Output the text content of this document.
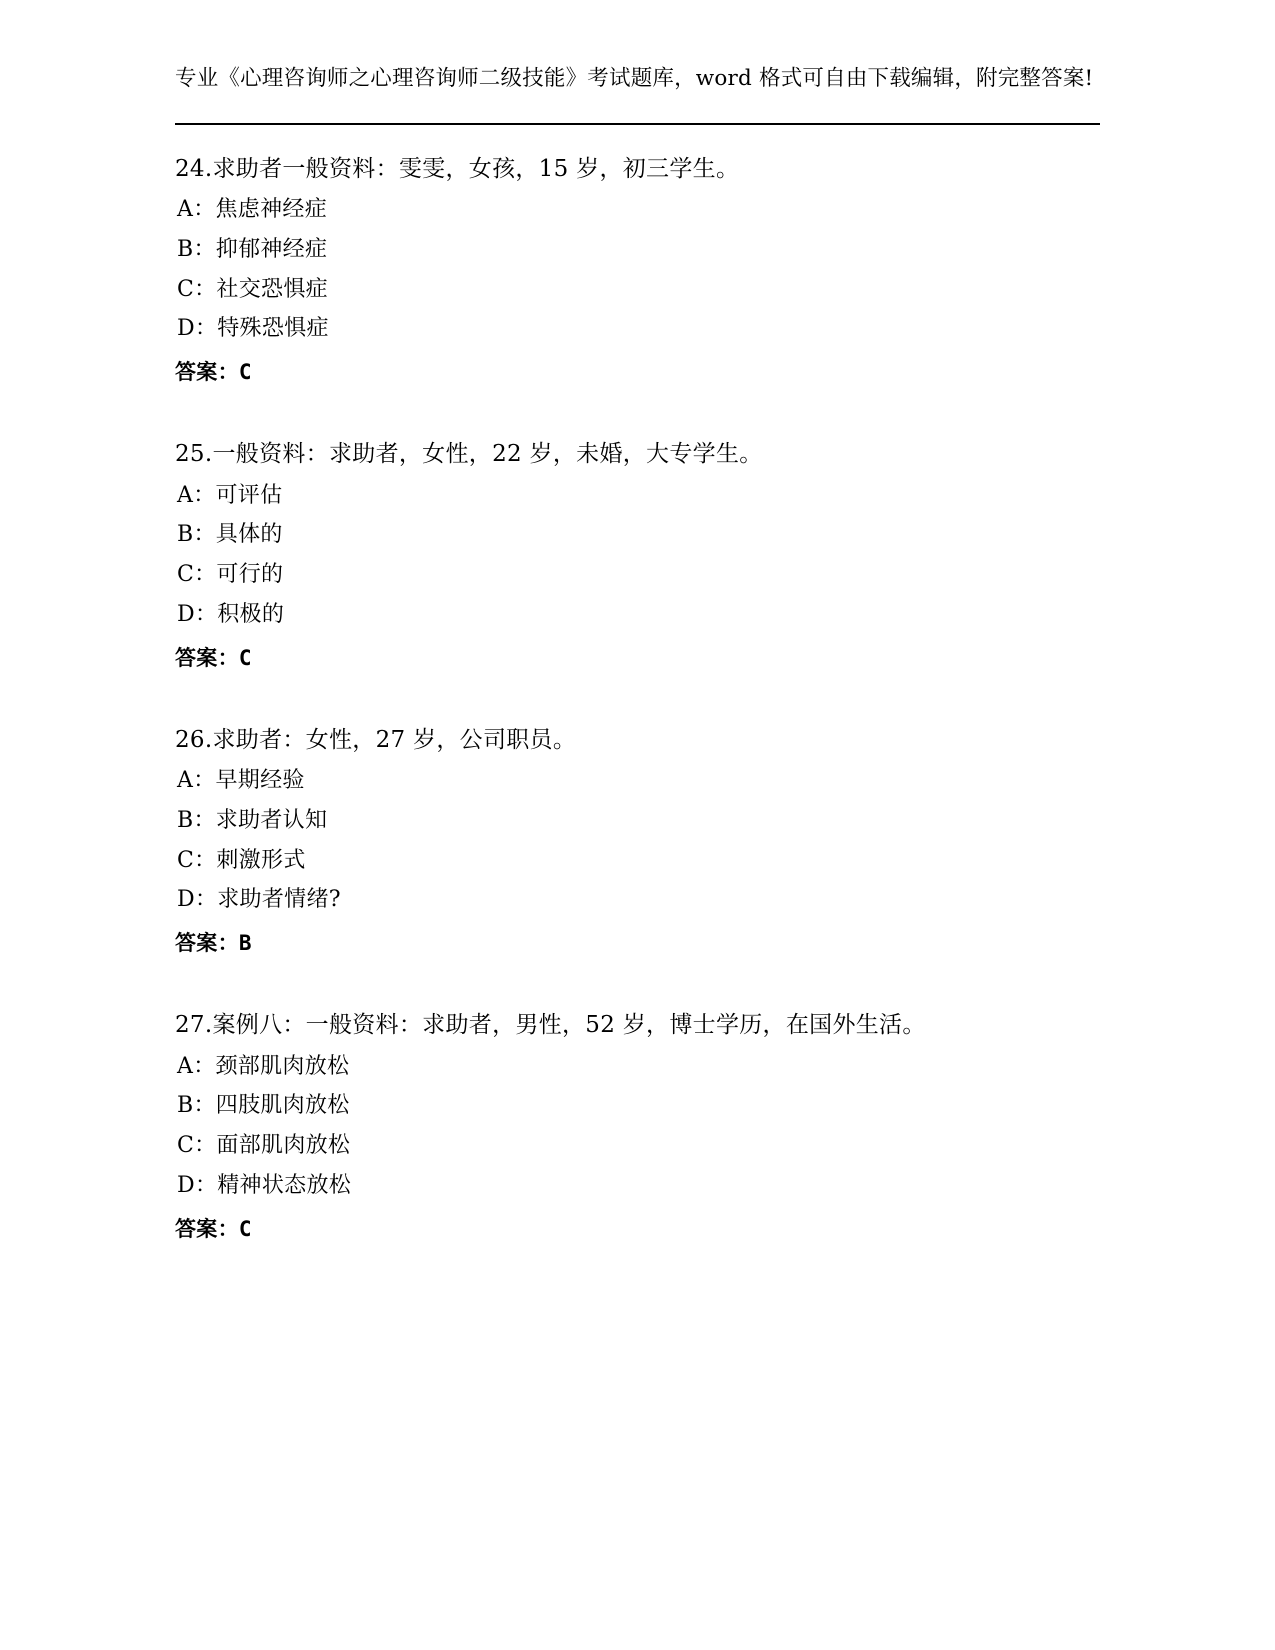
专业《心理咨询师之心理咨询师二级技能》考试题库，word 格式可自由下载编辑，附完整答案!

24.求助者一般资料：雯雯，女孩，15 岁，初三学生。

A：焦虑神经症

B：抑郁神经症

C：社交恐惧症

D：特殊恐惧症

答案：C

25.一般资料：求助者，女性，22 岁，未婚，大专学生。

A：可评估

B：具体的

C：可行的

D：积极的

答案：C

26.求助者：女性，27 岁，公司职员。

A：早期经验

B：求助者认知

C：刺激形式

D：求助者情绪?

答案：B

27.案例八：一般资料：求助者，男性，52 岁，博士学历，在国外生活。

A：颈部肌肉放松

B：四肢肌肉放松

C：面部肌肉放松

D：精神状态放松

答案：C
